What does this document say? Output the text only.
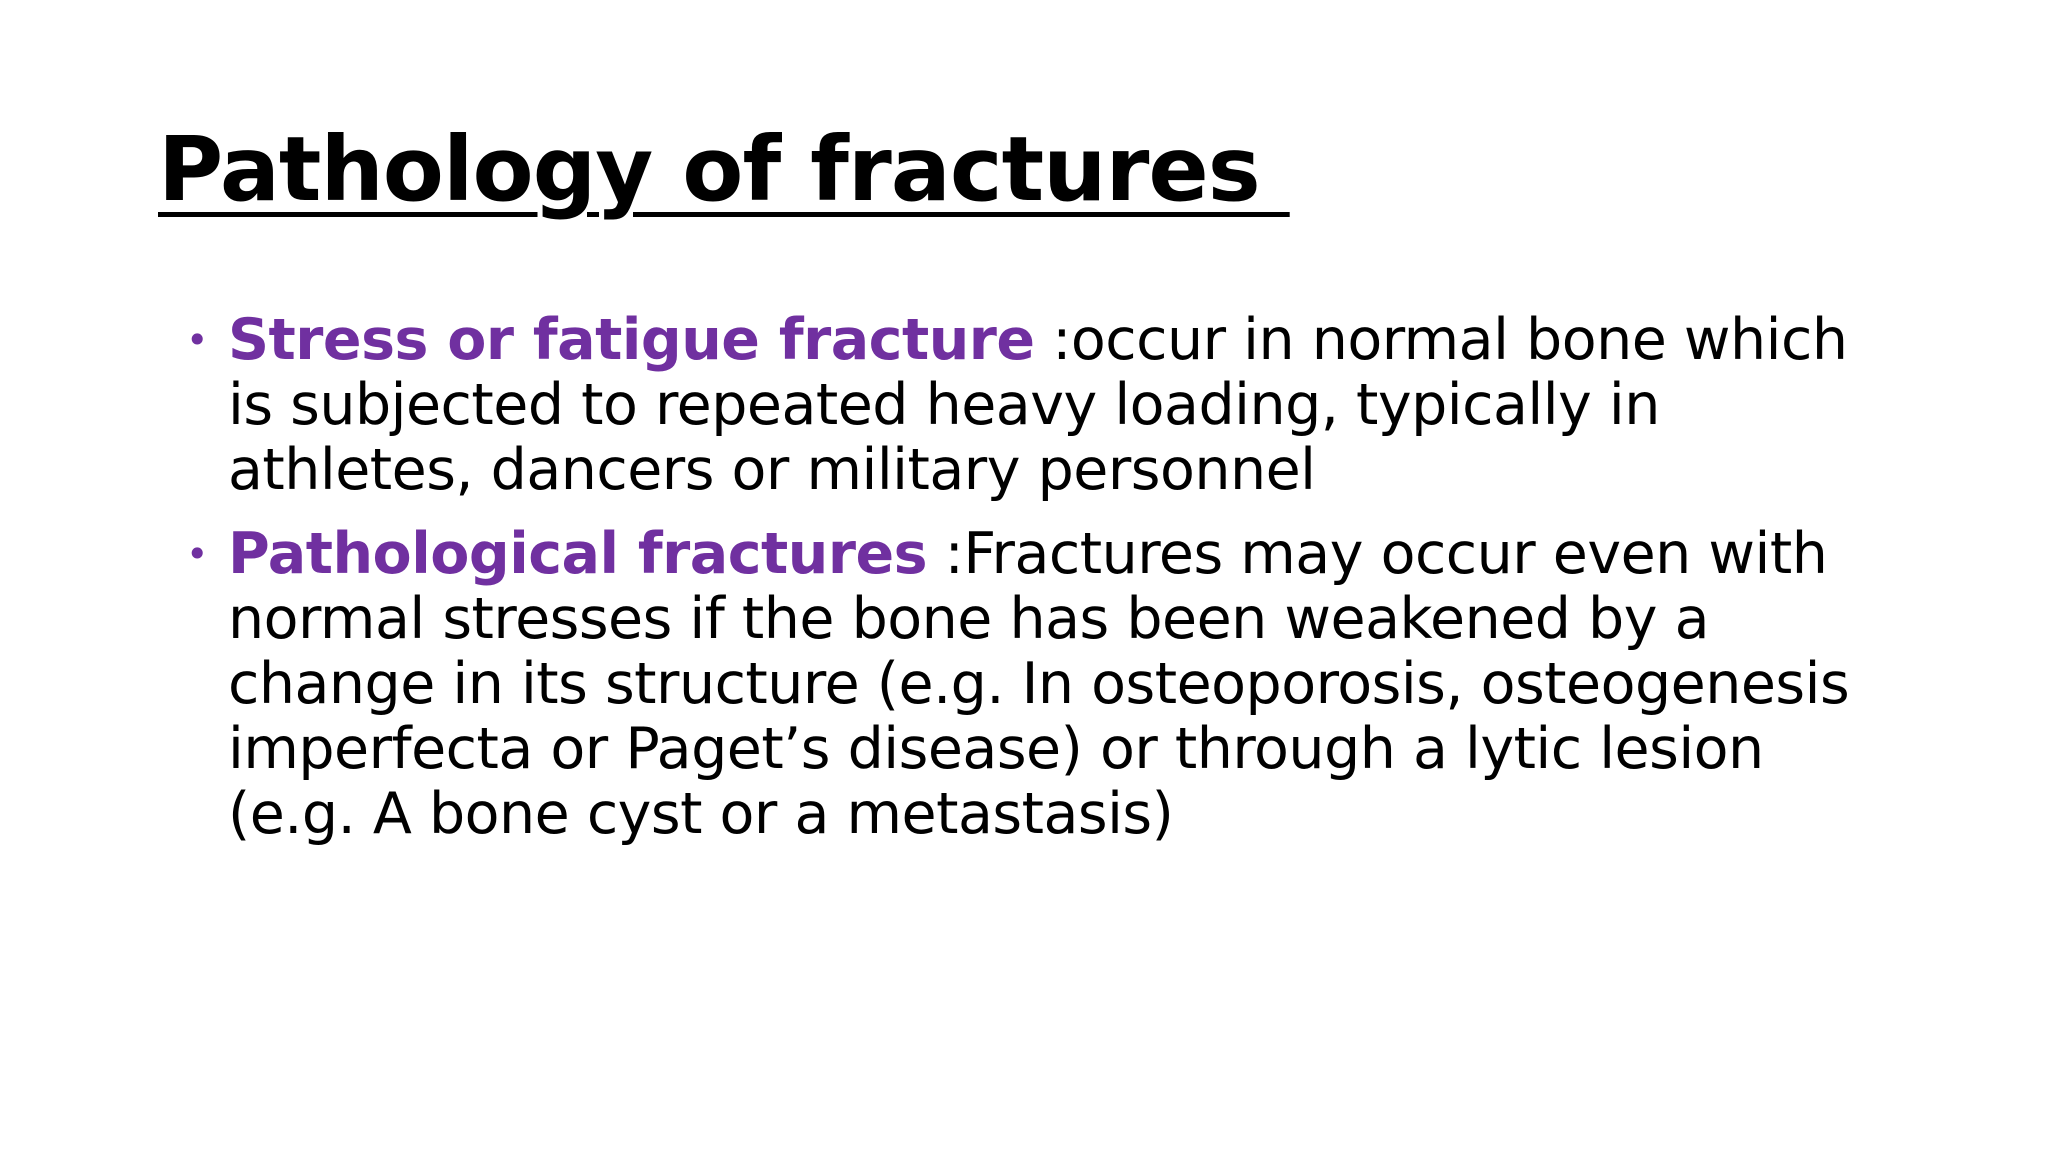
Pathology of fractures
• Stress or fatigue fracture :occur in normal bone which is subjected to repeated heavy loading, typically in athletes, dancers or military personnel
• Pathological fractures :Fractures may occur even with normal stresses if the bone has been weakened by a change in its structure (e.g. In osteoporosis, osteogenesis imperfecta or Paget’s disease) or through a lytic lesion (e.g. A bone cyst or a metastasis)
